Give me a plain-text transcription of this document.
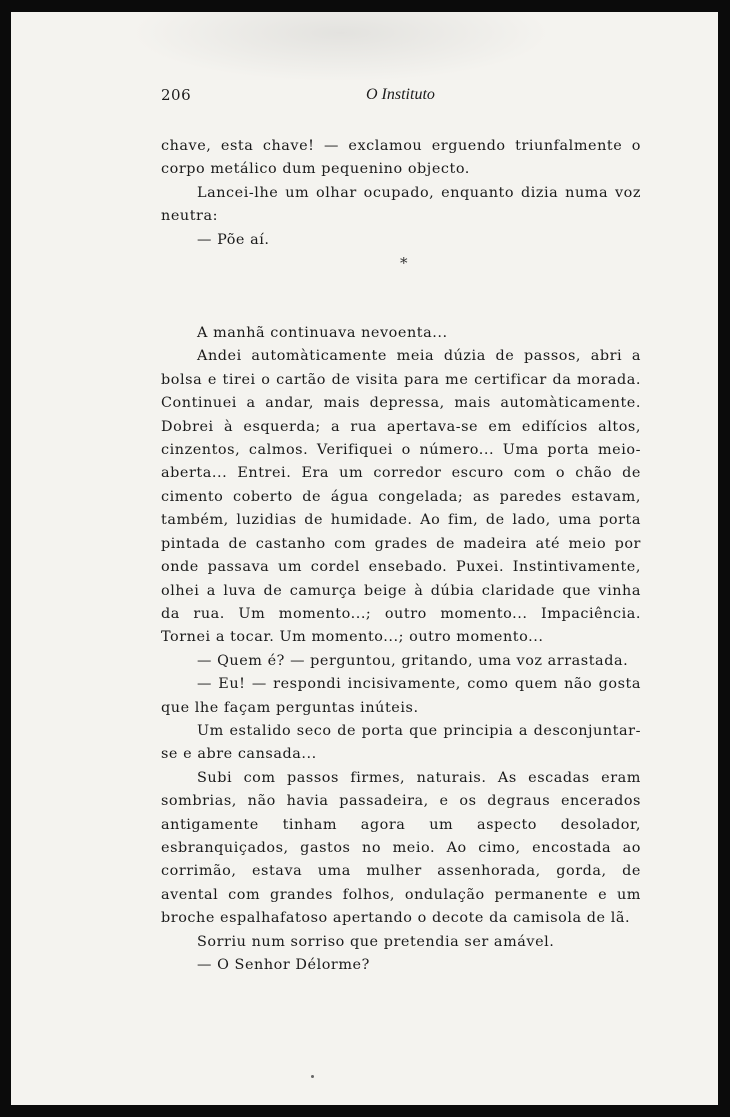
206	O Instituto

chave, esta chave! — exclamou erguendo triunfalmente o corpo metálico dum pequenino objecto.

Lancei-lhe um olhar ocupado, enquanto dizia numa voz neutra:

— Põe aí.

*

A manhã continuava nevoenta...

Andei automàticamente meia dúzia de passos, abri a bolsa e tirei o cartão de visita para me certificar da morada. Continuei a andar, mais depressa, mais automàticamente. Dobrei à esquerda; a rua apertava-se em edifícios altos, cinzentos, calmos. Verifiquei o número... Uma porta meio-aberta... Entrei. Era um corredor escuro com o chão de cimento coberto de água congelada; as paredes estavam, também, luzidias de humidade. Ao fim, de lado, uma porta pintada de castanho com grades de madeira até meio por onde passava um cordel ensebado. Puxei. Instintivamente, olhei a luva de camurça beige à dúbia claridade que vinha da rua. Um momento...; outro momento... Impaciência. Tornei a tocar. Um momento...; outro momento...

— Quem é? — perguntou, gritando, uma voz arrastada.

— Eu! — respondi incisivamente, como quem não gosta que lhe façam perguntas inúteis.

Um estalido seco de porta que principia a desconjuntar-se e abre cansada...

Subi com passos firmes, naturais. As escadas eram sombrias, não havia passadeira, e os degraus encerados antigamente tinham agora um aspecto desolador, esbranquiçados, gastos no meio. Ao cimo, encostada ao corrimão, estava uma mulher assenhorada, gorda, de avental com grandes folhos, ondulação permanente e um broche espalhafatoso apertando o decote da camisola de lã.

Sorriu num sorriso que pretendia ser amável.

— O Senhor Délorme?
